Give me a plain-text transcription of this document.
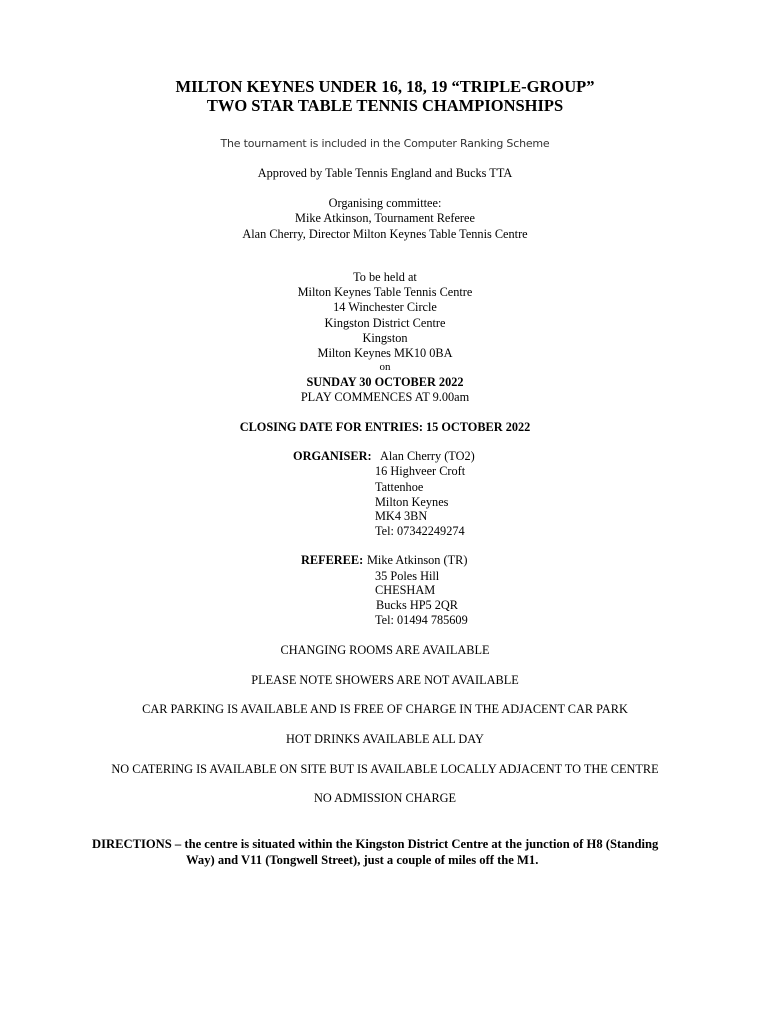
MILTON KEYNES UNDER 16, 18, 19 “TRIPLE-GROUP”
TWO STAR TABLE TENNIS CHAMPIONSHIPS
The tournament is included in the Computer Ranking Scheme
Approved by Table Tennis England and Bucks TTA
Organising committee:
Mike Atkinson, Tournament Referee
Alan Cherry, Director Milton Keynes Table Tennis Centre
To be held at
Milton Keynes Table Tennis Centre
14 Winchester Circle
Kingston District Centre
Kingston
Milton Keynes MK10 0BA
on
SUNDAY 30 OCTOBER 2022
PLAY COMMENCES AT 9.00am
CLOSING DATE FOR ENTRIES: 15 OCTOBER 2022
ORGANISER: Alan Cherry (TO2)
16 Highveer Croft
Tattenhoe
Milton Keynes
MK4 3BN
Tel: 07342249274
REFEREE: Mike Atkinson (TR)
35 Poles Hill
CHESHAM
Bucks HP5 2QR
Tel: 01494 785609
CHANGING ROOMS ARE AVAILABLE
PLEASE NOTE SHOWERS ARE NOT AVAILABLE
CAR PARKING IS AVAILABLE AND IS FREE OF CHARGE IN THE ADJACENT CAR PARK
HOT DRINKS AVAILABLE ALL DAY
NO CATERING IS AVAILABLE ON SITE BUT IS AVAILABLE LOCALLY ADJACENT TO THE CENTRE
NO ADMISSION CHARGE
DIRECTIONS – the centre is situated within the Kingston District Centre at the junction of H8 (Standing
Way) and V11 (Tongwell Street), just a couple of miles off the M1.
